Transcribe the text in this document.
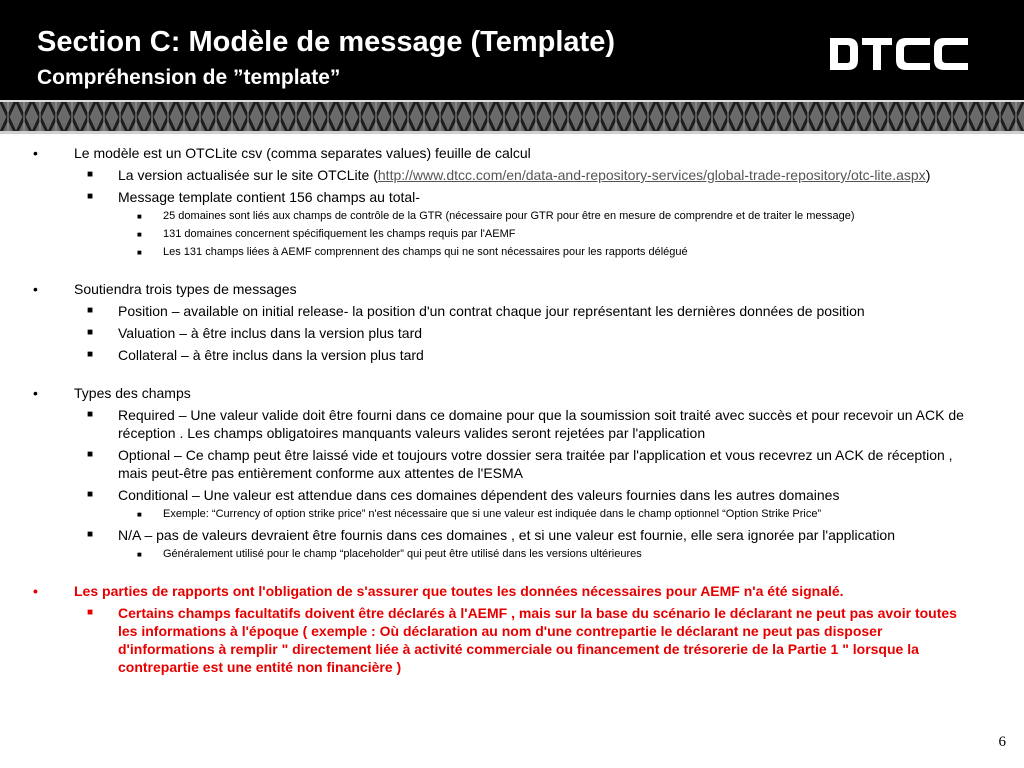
Section C: Modèle de message (Template)
Compréhension de ”template”
•	Le modèle est un OTCLite csv (comma separates values) feuille de calcul
■ La version actualisée sur le site OTCLite (http://www.dtcc.com/en/data-and-repository-services/global-trade-repository/otc-lite.aspx)
■ Message template contient 156 champs au total-
■ 25 domaines sont liés aux champs de contrôle de la GTR (nécessaire pour GTR pour être en mesure de comprendre et de traiter le message)
■ 131 domaines concernent spécifiquement les champs requis par l'AEMF
■ Les 131 champs liées à AEMF comprennent des champs qui ne sont nécessaires pour les rapports délégué
•	Soutiendra trois types de messages
■ Position – available on initial release- la position d'un contrat chaque jour représentant les dernières données de position
■ Valuation – à être inclus dans la version plus tard
■ Collateral – à être inclus dans la version plus tard
•	Types des champs
■ Required – Une valeur valide doit être fourni dans ce domaine pour que la soumission soit traité avec succès et pour recevoir un ACK de réception . Les champs obligatoires manquants valeurs valides seront rejetées par l'application
■ Optional – Ce champ peut être laissé vide et toujours votre dossier sera traitée par l'application et vous recevrez un ACK de réception , mais peut-être pas entièrement conforme aux attentes de l'ESMA
■ Conditional – Une valeur est attendue dans ces domaines dépendent des valeurs fournies dans les autres domaines
■ Exemple: “Currency of option strike price” n'est nécessaire que si une valeur est indiquée dans le champ optionnel “Option Strike Price”
■ N/A – pas de valeurs devraient être fournis dans ces domaines , et si une valeur est fournie, elle sera ignorée par l'application
■ Généralement utilisé pour le champ “placeholder” qui peut être utilisé dans les versions ultérieures
•	Les parties de rapports ont l'obligation de s'assurer que toutes les données nécessaires pour AEMF n'a été signalé.
■ Certains champs facultatifs doivent être déclarés à l'AEMF , mais sur la base du scénario le déclarant ne peut pas avoir toutes les informations à l'époque ( exemple : Où déclaration au nom d'une contrepartie le déclarant ne peut pas disposer d'informations à remplir " directement liée à activité commerciale ou financement de trésorerie de la Partie 1 " lorsque la contrepartie est une entité non financière )
6
